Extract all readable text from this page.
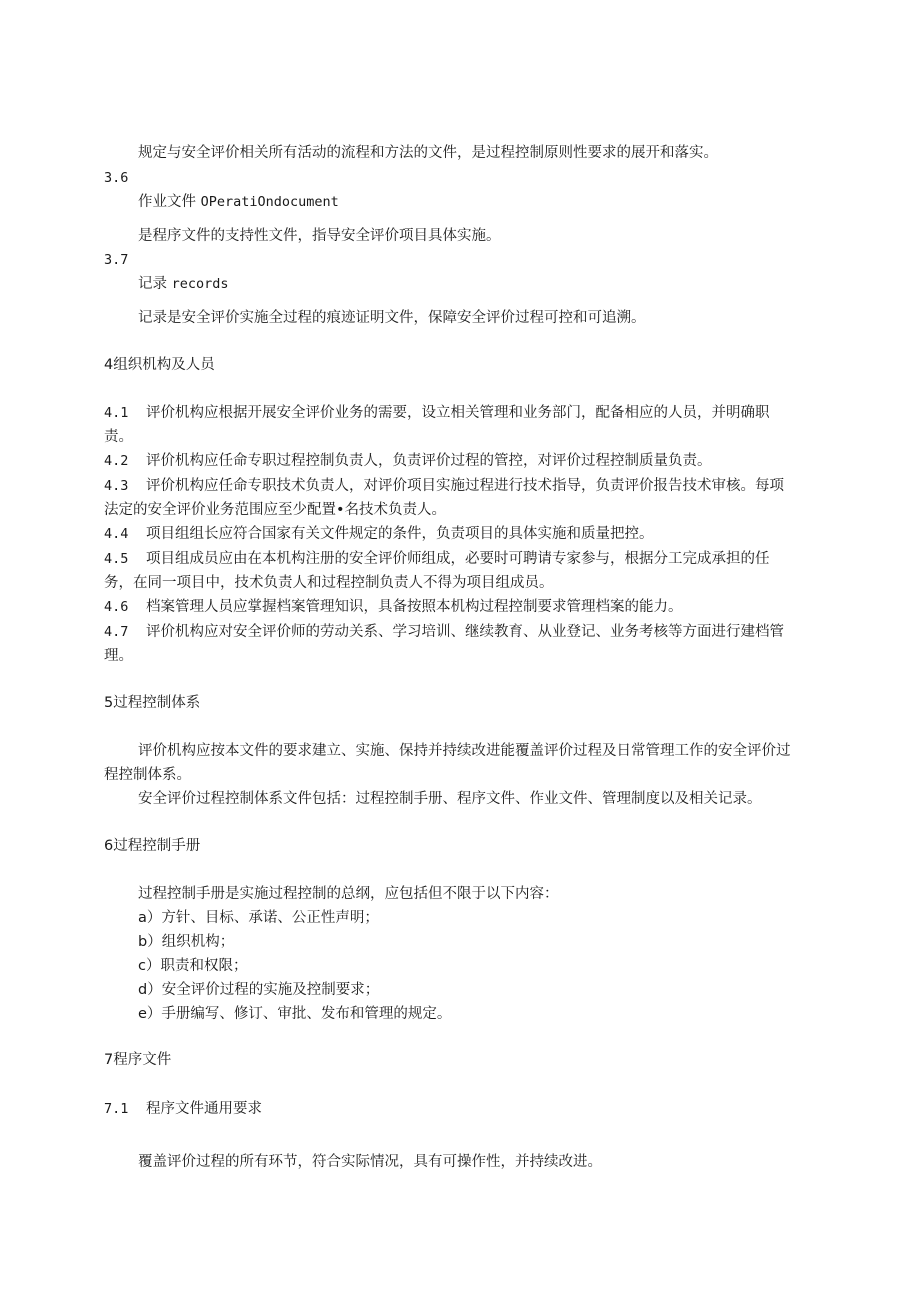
规定与安全评价相关所有活动的流程和方法的文件，是过程控制原则性要求的展开和落实。
3.6
作业文件 OPeratiOndocument
是程序文件的支持性文件，指导安全评价项目具体实施。
3.7
记录 records
记录是安全评价实施全过程的痕迹证明文件，保障安全评价过程可控和可追溯。
4组织机构及人员
4.1 评价机构应根据开展安全评价业务的需要，设立相关管理和业务部门，配备相应的人员，并明确职
责。
4.2 评价机构应任命专职过程控制负责人，负责评价过程的管控，对评价过程控制质量负责。
4.3 评价机构应任命专职技术负责人，对评价项目实施过程进行技术指导，负责评价报告技术审核。每项
法定的安全评价业务范围应至少配置•名技术负责人。
4.4 项目组组长应符合国家有关文件规定的条件，负责项目的具体实施和质量把控。
4.5 项目组成员应由在本机构注册的安全评价师组成，必要时可聘请专家参与，根据分工完成承担的任
务，在同一项目中，技术负责人和过程控制负责人不得为项目组成员。
4.6 档案管理人员应掌握档案管理知识，具备按照本机构过程控制要求管理档案的能力。
4.7 评价机构应对安全评价师的劳动关系、学习培训、继续教育、从业登记、业务考核等方面进行建档管
理。
5过程控制体系
评价机构应按本文件的要求建立、实施、保持并持续改进能覆盖评价过程及日常管理工作的安全评价过
程控制体系。
安全评价过程控制体系文件包括：过程控制手册、程序文件、作业文件、管理制度以及相关记录。
6过程控制手册
过程控制手册是实施过程控制的总纲，应包括但不限于以下内容：
a）方针、目标、承诺、公正性声明；
b）组织机构；
c）职责和权限；
d）安全评价过程的实施及控制要求；
e）手册编写、修订、审批、发布和管理的规定。
7程序文件
7.1 程序文件通用要求
覆盖评价过程的所有环节，符合实际情况，具有可操作性，并持续改进。
